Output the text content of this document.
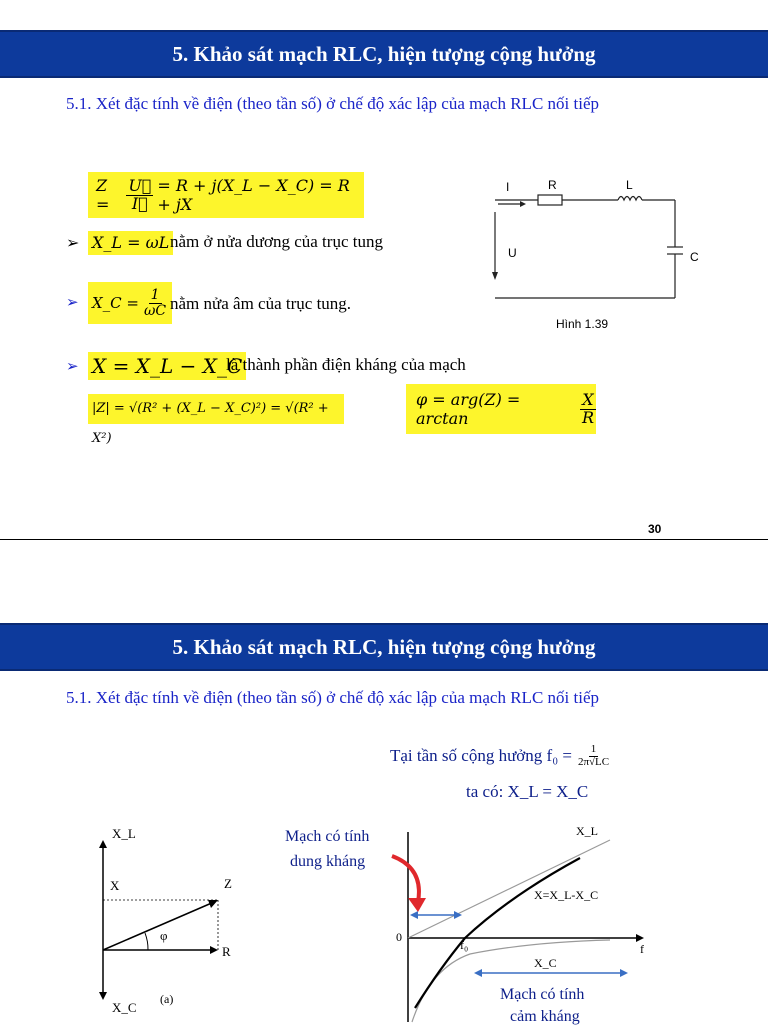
5. Khảo sát mạch RLC, hiện tượng cộng hưởng
5.1. Xét đặc tính về điện (theo tần số) ở chế độ xác lập của mạch RLC nối tiếp
Z =	$\frac{U⃗}{I⃗} = R$ + j(X_L − X_C) = R + jX
➢ X_L = ωL nằm ở nửa dương của trục tung
➢ X_C = $\frac{1}{\omega C}$ nằm nửa âm của trục tung.
➢ X = X_L − X_C
là thành phần điện kháng của mạch
|Z| = √(R² + (X_L − X_C)²) = √(R² + X²)
φ = arg(Z) = arctan	$\frac{X}{R}$
I	R	L
U	C
Hình 1.39
30
5. Khảo sát mạch RLC, hiện tượng cộng hưởng
5.1. Xét đặc tính về điện (theo tần số) ở chế độ xác lập của mạch RLC nối tiếp
Tại tần số cộng hưởng $f_0 = \frac{1}{2\pi√LC}$
ta có: X_L = X_C
X_L
X	Z
φ
R
X_C
(a)
Mạch có tính
dung kháng
X_L
X=X_L-X_C
0
f₀	f
X_C
Mạch có tính
cảm kháng
